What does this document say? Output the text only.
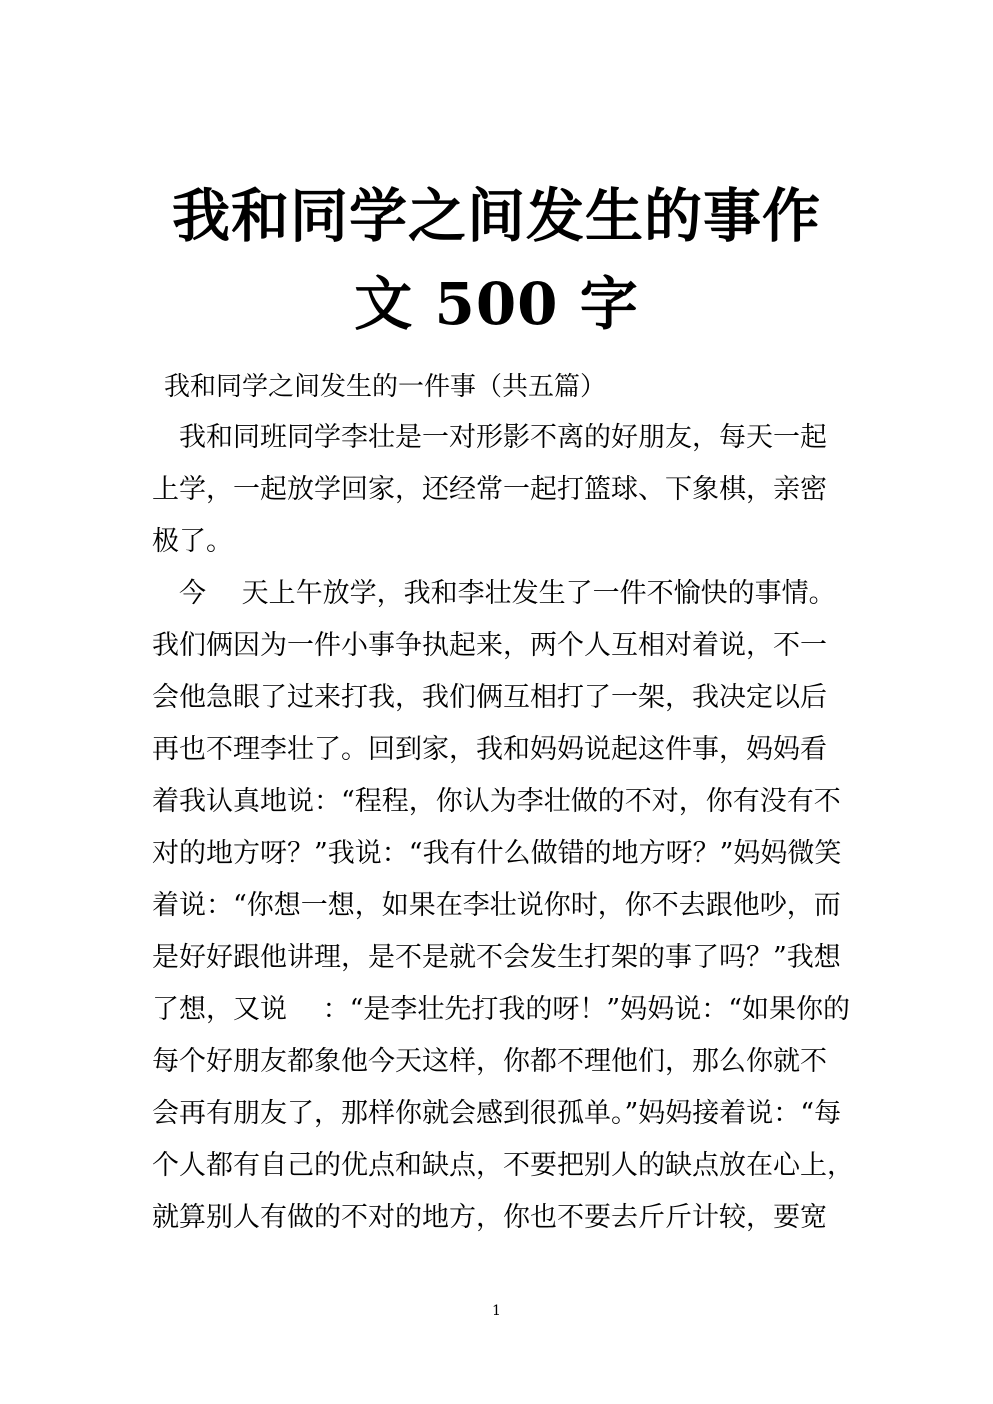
我和同学之间发生的事作
文 500 字

我和同学之间发生的一件事（共五篇）

　我和同班同学李壮是一对形影不离的好朋友，每天一起

上学，一起放学回家，还经常一起打篮球、下象棋，亲密

极了。

　今　 天上午放学，我和李壮发生了一件不愉快的事情。

我们俩因为一件小事争执起来，两个人互相对着说，不一

会他急眼了过来打我，我们俩互相打了一架，我决定以后

再也不理李壮了。回到家，我和妈妈说起这件事，妈妈看

着我认真地说：“程程，你认为李壮做的不对，你有没有不

对的地方呀？”我说：“我有什么做错的地方呀？”妈妈微笑

着说：“你想一想，如果在李壮说你时，你不去跟他吵，而

是好好跟他讲理，是不是就不会发生打架的事了吗？”我想

了想，又说　 ：“是李壮先打我的呀！”妈妈说：“如果你的

每个好朋友都象他今天这样，你都不理他们，那么你就不

会再有朋友了，那样你就会感到很孤单。”妈妈接着说：“每

个人都有自己的优点和缺点，不要把别人的缺点放在心上，

就算别人有做的不对的地方，你也不要去斤斤计较，要宽

1
